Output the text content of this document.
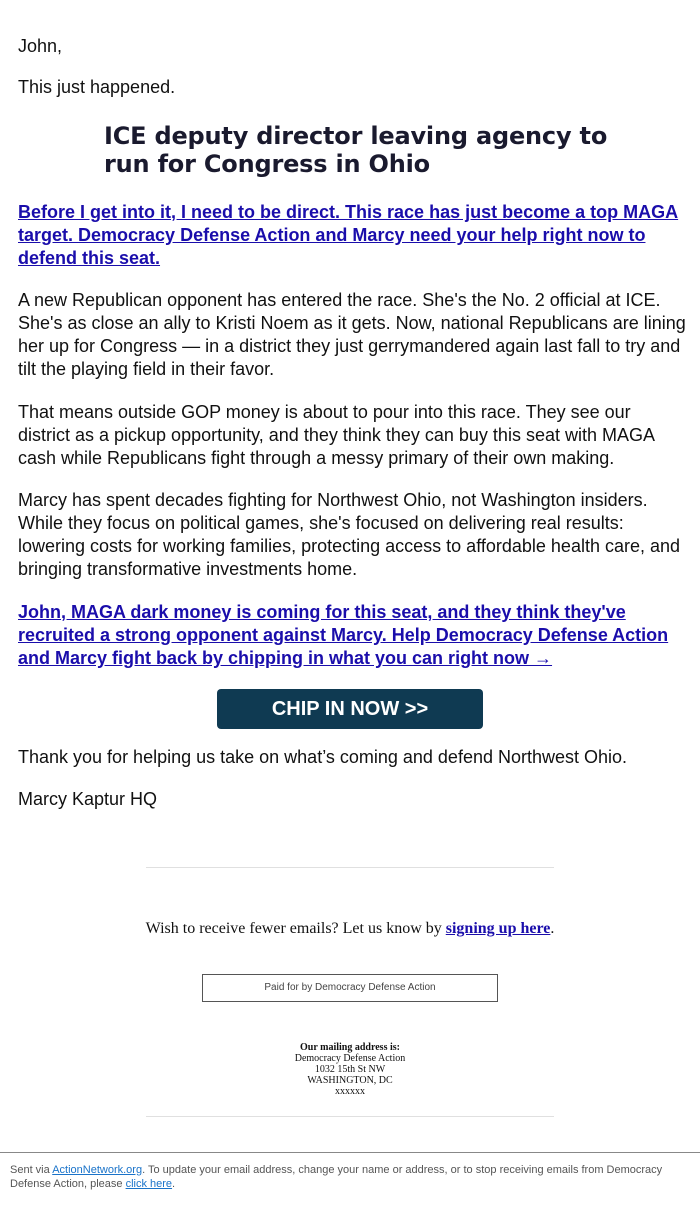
John,
This just happened.
ICE deputy director leaving agency to run for Congress in Ohio
Before I get into it, I need to be direct. This race has just become a top MAGA target. Democracy Defense Action and Marcy need your help right now to defend this seat.
A new Republican opponent has entered the race. She's the No. 2 official at ICE. She's as close an ally to Kristi Noem as it gets. Now, national Republicans are lining her up for Congress — in a district they just gerrymandered again last fall to try and tilt the playing field in their favor.
That means outside GOP money is about to pour into this race. They see our district as a pickup opportunity, and they think they can buy this seat with MAGA cash while Republicans fight through a messy primary of their own making.
Marcy has spent decades fighting for Northwest Ohio, not Washington insiders. While they focus on political games, she's focused on delivering real results: lowering costs for working families, protecting access to affordable health care, and bringing transformative investments home.
John, MAGA dark money is coming for this seat, and they think they've recruited a strong opponent against Marcy. Help Democracy Defense Action and Marcy fight back by chipping in what you can right now →
CHIP IN NOW >>
Thank you for helping us take on what’s coming and defend Northwest Ohio.
Marcy Kaptur HQ
Wish to receive fewer emails? Let us know by signing up here.
Paid for by Democracy Defense Action
Our mailing address is:
Democracy Defense Action
1032 15th St NW
WASHINGTON, DC
xxxxxx
Sent via ActionNetwork.org. To update your email address, change your name or address, or to stop receiving emails from Democracy Defense Action, please click here.
